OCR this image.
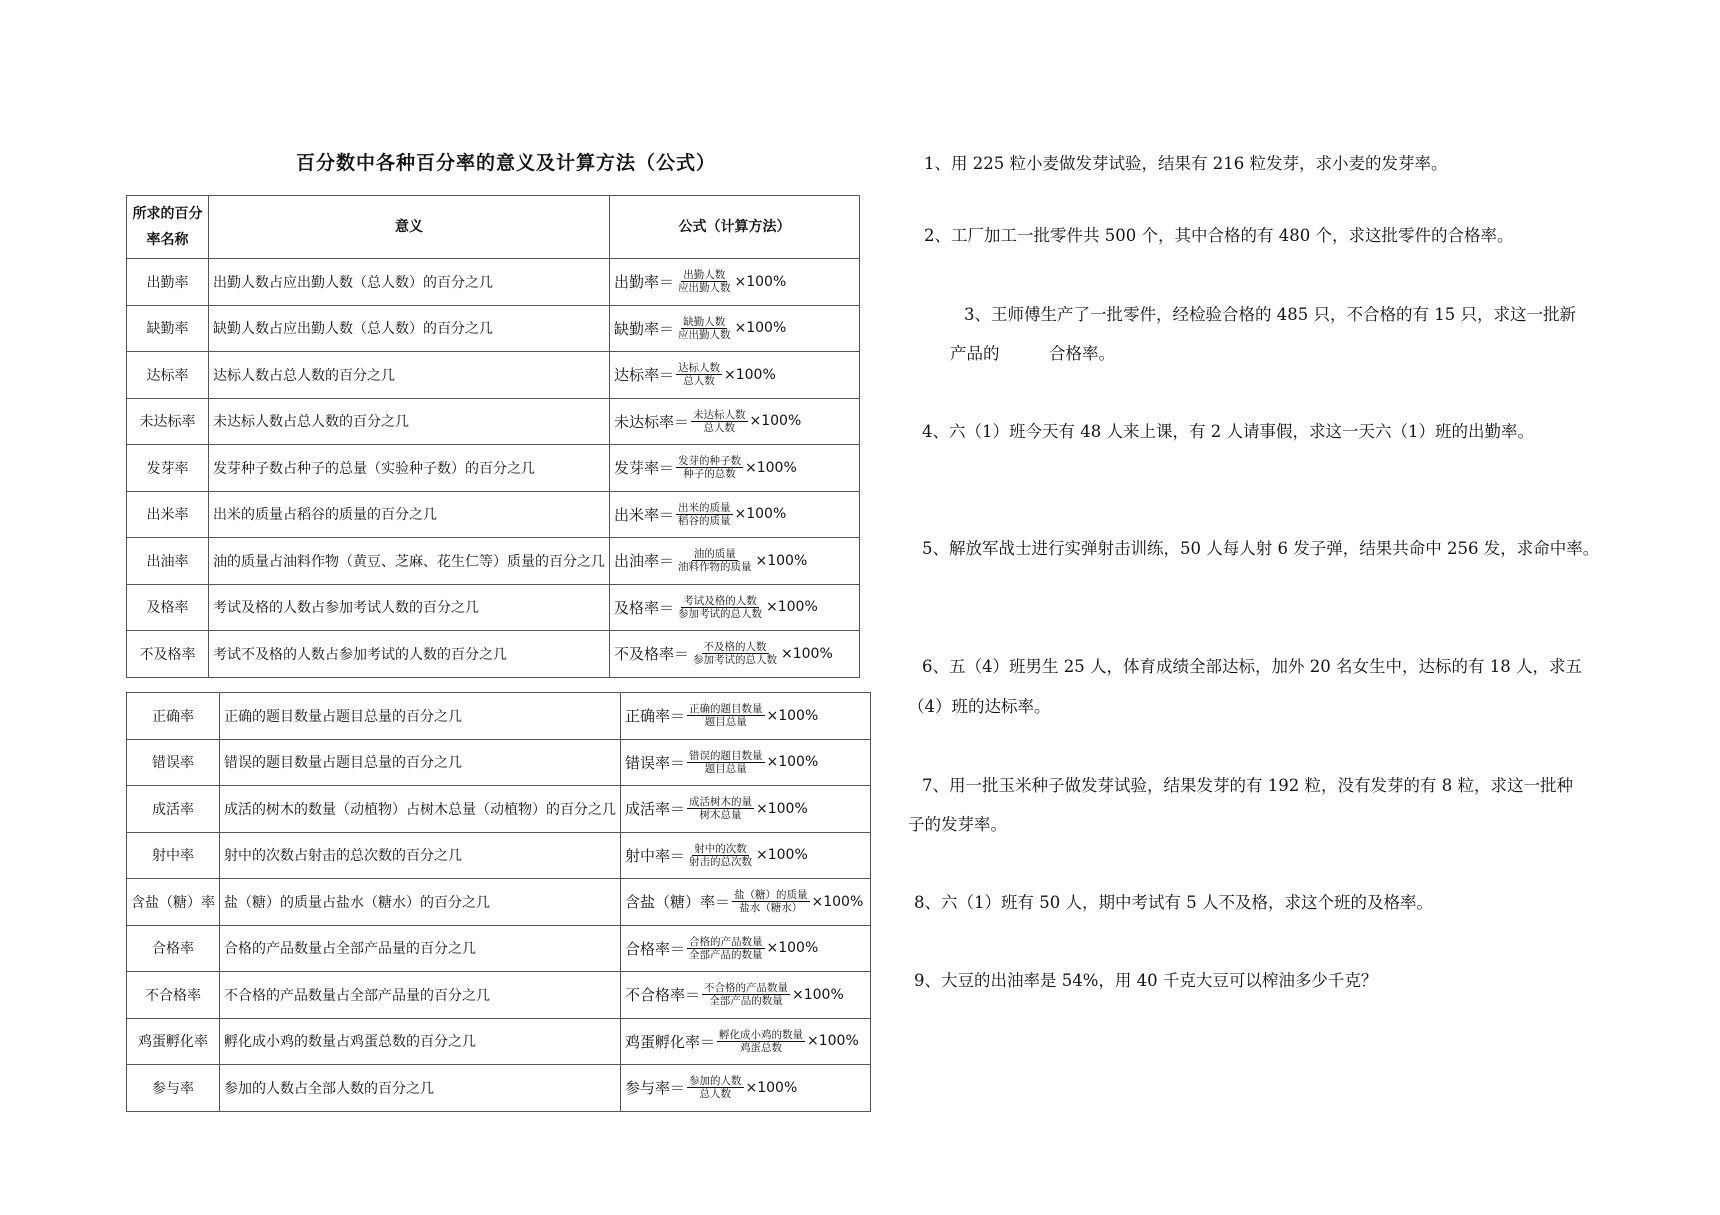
百分数中各种百分率的意义及计算方法（公式）
所求的百分率名称	意义	公式（计算方法）
出勤率	出勤人数占应出勤人数（总人数）的百分之几	出勤率＝ $\frac{\text{出勤人数}}{\text{应出勤人数}} \times 100\%$

缺勤率	缺勤人数占应出勤人数（总人数）的百分之几	缺勤率＝ $\frac{\text{缺勤人数}}{\text{应出勤人数}} \times 100\%$

达标率	达标人数占总人数的百分之几	达标率＝ $\frac{\text{达标人数}}{\text{总人数}} \times 100\%$

未达标率	未达标人数占总人数的百分之几	未达标率＝ $\frac{\text{未达标人数}}{\text{总人数}} \times 100\%$

发芽率	发芽种子数占种子的总量（实验种子数）的百分之几	发芽率＝ $\frac{\text{发芽的种子数}}{\text{种子的总数}} \times 100\%$

出米率	出米的质量占稻谷的质量的百分之几	出米率＝ $\frac{\text{出米的质量}}{\text{稻谷的质量}} \times 100\%$

出油率	油的质量占油料作物（黄豆、芝麻、花生仁等）质量的百分之几	出油率＝ $\frac{\text{油的质量}}{\text{油料作物的质量}} \times 100\%$

及格率	考试及格的人数占参加考试人数的百分之几	及格率＝ $\frac{\text{考试及格的人数}}{\text{参加考试的总人数}} \times 100\%$

不及格率	考试不及格的人数占参加考试的人数的百分之几	不及格率＝ $\frac{\text{不及格的人数}}{\text{参加考试的总人数}} \times 100\%$
正确率	正确的题目数量占题目总量的百分之几	正确率＝ $\frac{\text{正确的题目数量}}{\text{题目总量}} \times 100\%$

错误率	错误的题目数量占题目总量的百分之几	错误率＝ $\frac{\text{错误的题目数量}}{\text{题目总量}} \times 100\%$

成活率	成活的树木的数量（动植物）占树木总量（动植物）的百分之几	成活率＝ $\frac{\text{成活树木的量}}{\text{树木总量}} \times 100\%$

射中率	射中的次数占射击的总次数的百分之几	射中率＝ $\frac{\text{射中的次数}}{\text{射击的总次数}} \times 100\%$

含盐（糖）率	盐（糖）的质量占盐水（糖水）的百分之几	含盐（糖）率＝ $\frac{\text{盐（糖）的质量}}{\text{盐水（糖水）}} \times 100\%$

合格率	合格的产品数量占全部产品量的百分之几	合格率＝ $\frac{\text{合格的产品数量}}{\text{全部产品的数量}} \times 100\%$

不合格率	不合格的产品数量占全部产品量的百分之几	不合格率＝ $\frac{\text{不合格的产品数量}}{\text{全部产品的数量}} \times 100\%$

鸡蛋孵化率	孵化成小鸡的数量占鸡蛋总数的百分之几	鸡蛋孵化率＝ $\frac{\text{孵化成小鸡的数量}}{\text{鸡蛋总数}} \times 100\%$

参与率	参加的人数占全部人数的百分之几	参与率＝ $\frac{\text{参加的人数}}{\text{总人数}} \times 100\%$
1、用 225 粒小麦做发芽试验，结果有 216 粒发芽，求小麦的发芽率。
2、工厂加工一批零件共 500 个，其中合格的有 480 个，求这批零件的合格率。
3、王师傅生产了一批零件，经检验合格的 485 只，不合格的有 15 只，求这一批新
产品的　　　合格率。
4、六（1）班今天有 48 人来上课，有 2 人请事假，求这一天六（1）班的出勤率。
5、解放军战士进行实弹射击训练，50 人每人射 6 发子弹，结果共命中 256 发，求命中率。
6、五（4）班男生 25 人，体育成绩全部达标，加外 20 名女生中，达标的有 18 人，求五
（4）班的达标率。
7、用一批玉米种子做发芽试验，结果发芽的有 192 粒，没有发芽的有 8 粒，求这一批种
子的发芽率。
8、六（1）班有 50 人，期中考试有 5 人不及格，求这个班的及格率。
9、大豆的出油率是 54%，用 40 千克大豆可以榨油多少千克？
